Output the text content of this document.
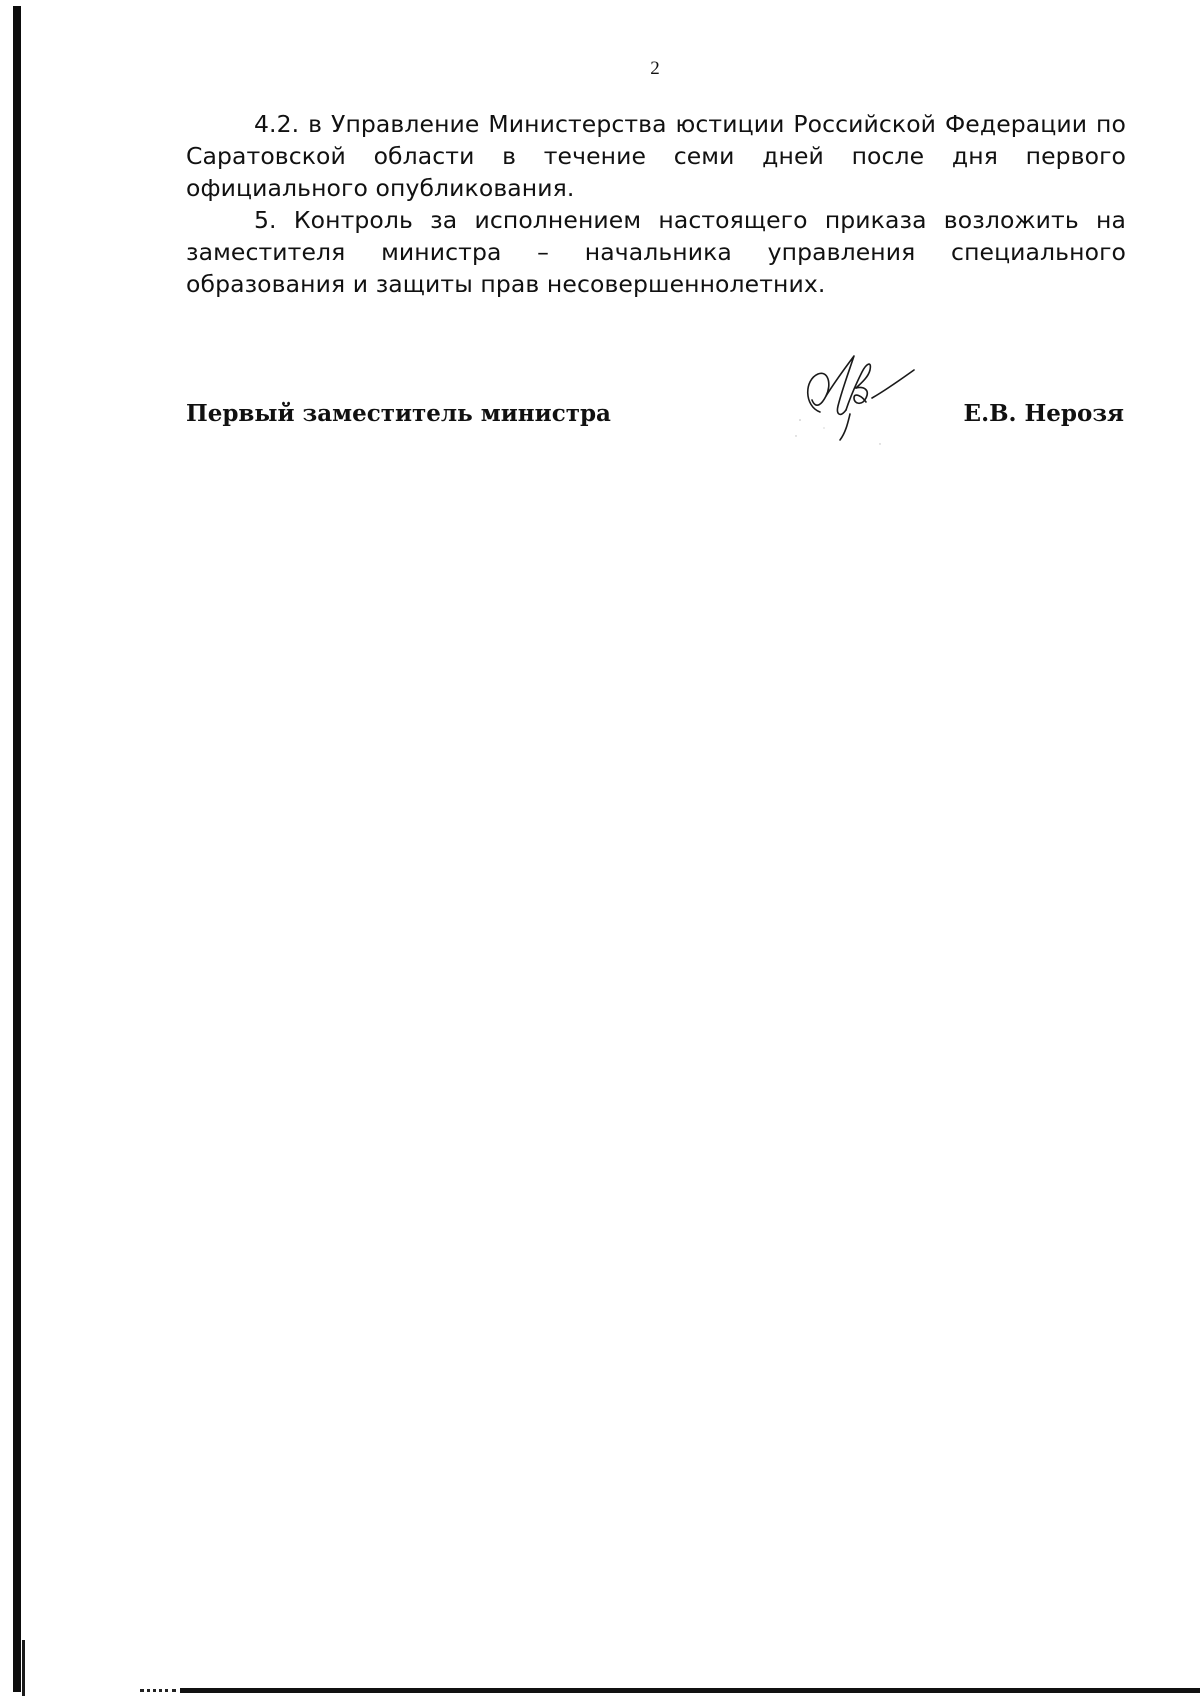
2

4.2. в Управление Министерства юстиции Российской Федерации по Саратовской области в течение семи дней после дня первого официального опубликования.

5. Контроль за исполнением настоящего приказа возложить на заместителя министра – начальника управления специального образования и защиты прав несовершеннолетних.

Первый заместитель министра	Е.В. Нерозя
